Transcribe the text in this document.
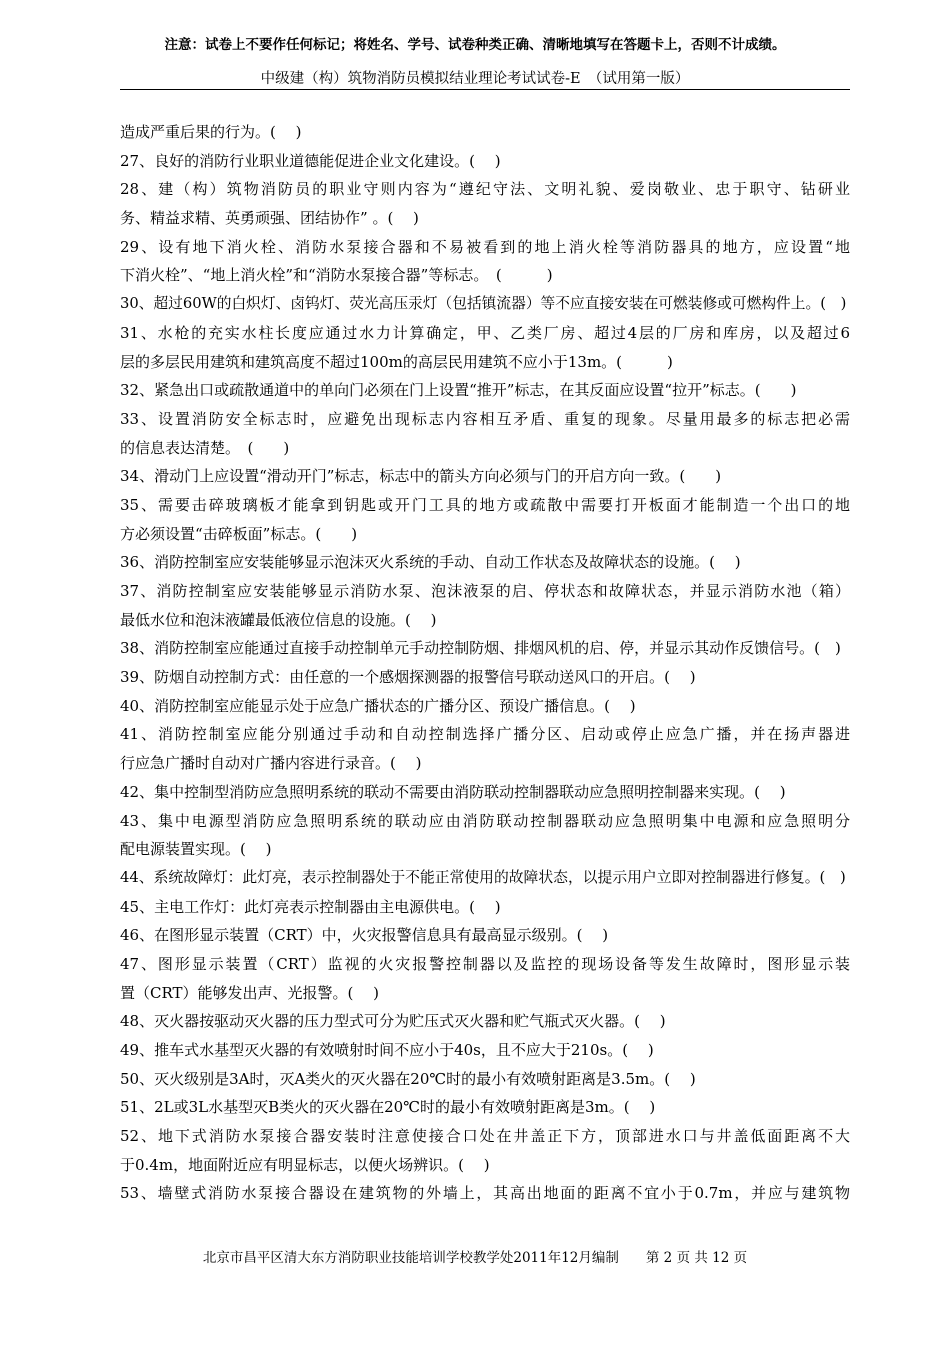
注意：试卷上不要作任何标记；将姓名、学号、试卷种类正确、清晰地填写在答题卡上，否则不计成绩。
中级建（构）筑物消防员模拟结业理论考试试卷-E　（试用第一版）
造成严重后果的行为。(　 )
27、良好的消防行业职业道德能促进企业文化建设。(　 )
28、建（构）筑物消防员的职业守则内容为“遵纪守法、文明礼貌、爱岗敬业、忠于职守、钻研业
务、精益求精、英勇顽强、团结协作” 。(　 )
29、设有地下消火栓、消防水泵接合器和不易被看到的地上消火栓等消防器具的地方，应设置“地
下消火栓”、“地上消火栓”和“消防水泵接合器”等标志。　(　　　)
30、超过60W的白炽灯、卤钨灯、荧光高压汞灯（包括镇流器）等不应直接安装在可燃装修或可燃构件上。(　)
31、水枪的充实水柱长度应通过水力计算确定，甲、乙类厂房、超过4层的厂房和库房，以及超过6
层的多层民用建筑和建筑高度不超过100m的高层民用建筑不应小于13m。(　　　)
32、紧急出口或疏散通道中的单向门必须在门上设置“推开”标志，在其反面应设置“拉开”标志。(　　)
33、设置消防安全标志时，应避免出现标志内容相互矛盾、重复的现象。尽量用最多的标志把必需
的信息表达清楚。　(　　)
34、滑动门上应设置“滑动开门”标志，标志中的箭头方向必须与门的开启方向一致。(　　)
35、需要击碎玻璃板才能拿到钥匙或开门工具的地方或疏散中需要打开板面才能制造一个出口的地
方必须设置“击碎板面”标志。(　　)
36、消防控制室应安装能够显示泡沫灭火系统的手动、自动工作状态及故障状态的设施。(　 )
37、消防控制室应安装能够显示消防水泵、泡沫液泵的启、停状态和故障状态，并显示消防水池（箱）
最低水位和泡沫液罐最低液位信息的设施。(　 )
38、消防控制室应能通过直接手动控制单元手动控制防烟、排烟风机的启、停，并显示其动作反馈信号。(　)
39、防烟自动控制方式：由任意的一个感烟探测器的报警信号联动送风口的开启。(　 )
40、消防控制室应能显示处于应急广播状态的广播分区、预设广播信息。(　 )
41、消防控制室应能分别通过手动和自动控制选择广播分区、启动或停止应急广播，并在扬声器进
行应急广播时自动对广播内容进行录音。(　 )
42、集中控制型消防应急照明系统的联动不需要由消防联动控制器联动应急照明控制器来实现。(　 )
43、集中电源型消防应急照明系统的联动应由消防联动控制器联动应急照明集中电源和应急照明分
配电源装置实现。(　 )
44、系统故障灯：此灯亮，表示控制器处于不能正常使用的故障状态，以提示用户立即对控制器进行修复。(　)
45、主电工作灯：此灯亮表示控制器由主电源供电。(　 )
46、在图形显示装置（CRT）中，火灾报警信息具有最高显示级别。(　 )
47、图形显示装置（CRT）监视的火灾报警控制器以及监控的现场设备等发生故障时，图形显示装
置（CRT）能够发出声、光报警。(　 )
48、灭火器按驱动灭火器的压力型式可分为贮压式灭火器和贮气瓶式灭火器。(　 )
49、推车式水基型灭火器的有效喷射时间不应小于40s，且不应大于210s。(　 )
50、灭火级别是3A时，灭A类火的灭火器在20℃时的最小有效喷射距离是3.5m。(　 )
51、2L或3L水基型灭B类火的灭火器在20℃时的最小有效喷射距离是3m。(　 )
52、地下式消防水泵接合器安装时注意使接合口处在井盖正下方，顶部进水口与井盖低面距离不大
于0.4m，地面附近应有明显标志，以便火场辨识。(　 )
53、墙壁式消防水泵接合器设在建筑物的外墙上，其高出地面的距离不宜小于0.7m，并应与建筑物
北京市昌平区清大东方消防职业技能培训学校教学处2011年12月编制　　第 2 页 共 12 页
